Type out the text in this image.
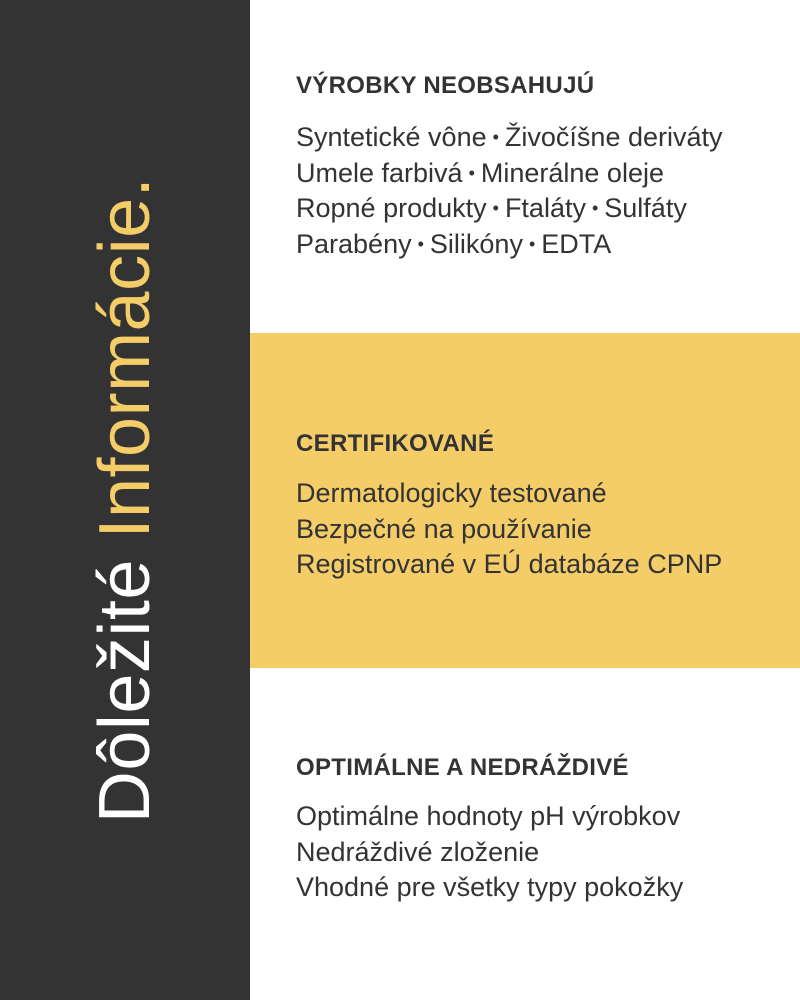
Dôležité Informácie.
VÝROBKY NEOBSAHUJÚ
Syntetické vône • Živočíšne deriváty
Umele farbivá • Minerálne oleje
Ropné produkty • Ftaláty • Sulfáty
Parabény • Silikóny • EDTA
CERTIFIKOVANÉ
Dermatologicky testované
Bezpečné na používanie
Registrované v EÚ databáze CPNP
OPTIMÁLNE A NEDRÁŽDIVÉ
Optimálne hodnoty pH výrobkov
Nedráždivé zloženie
Vhodné pre všetky typy pokožky
